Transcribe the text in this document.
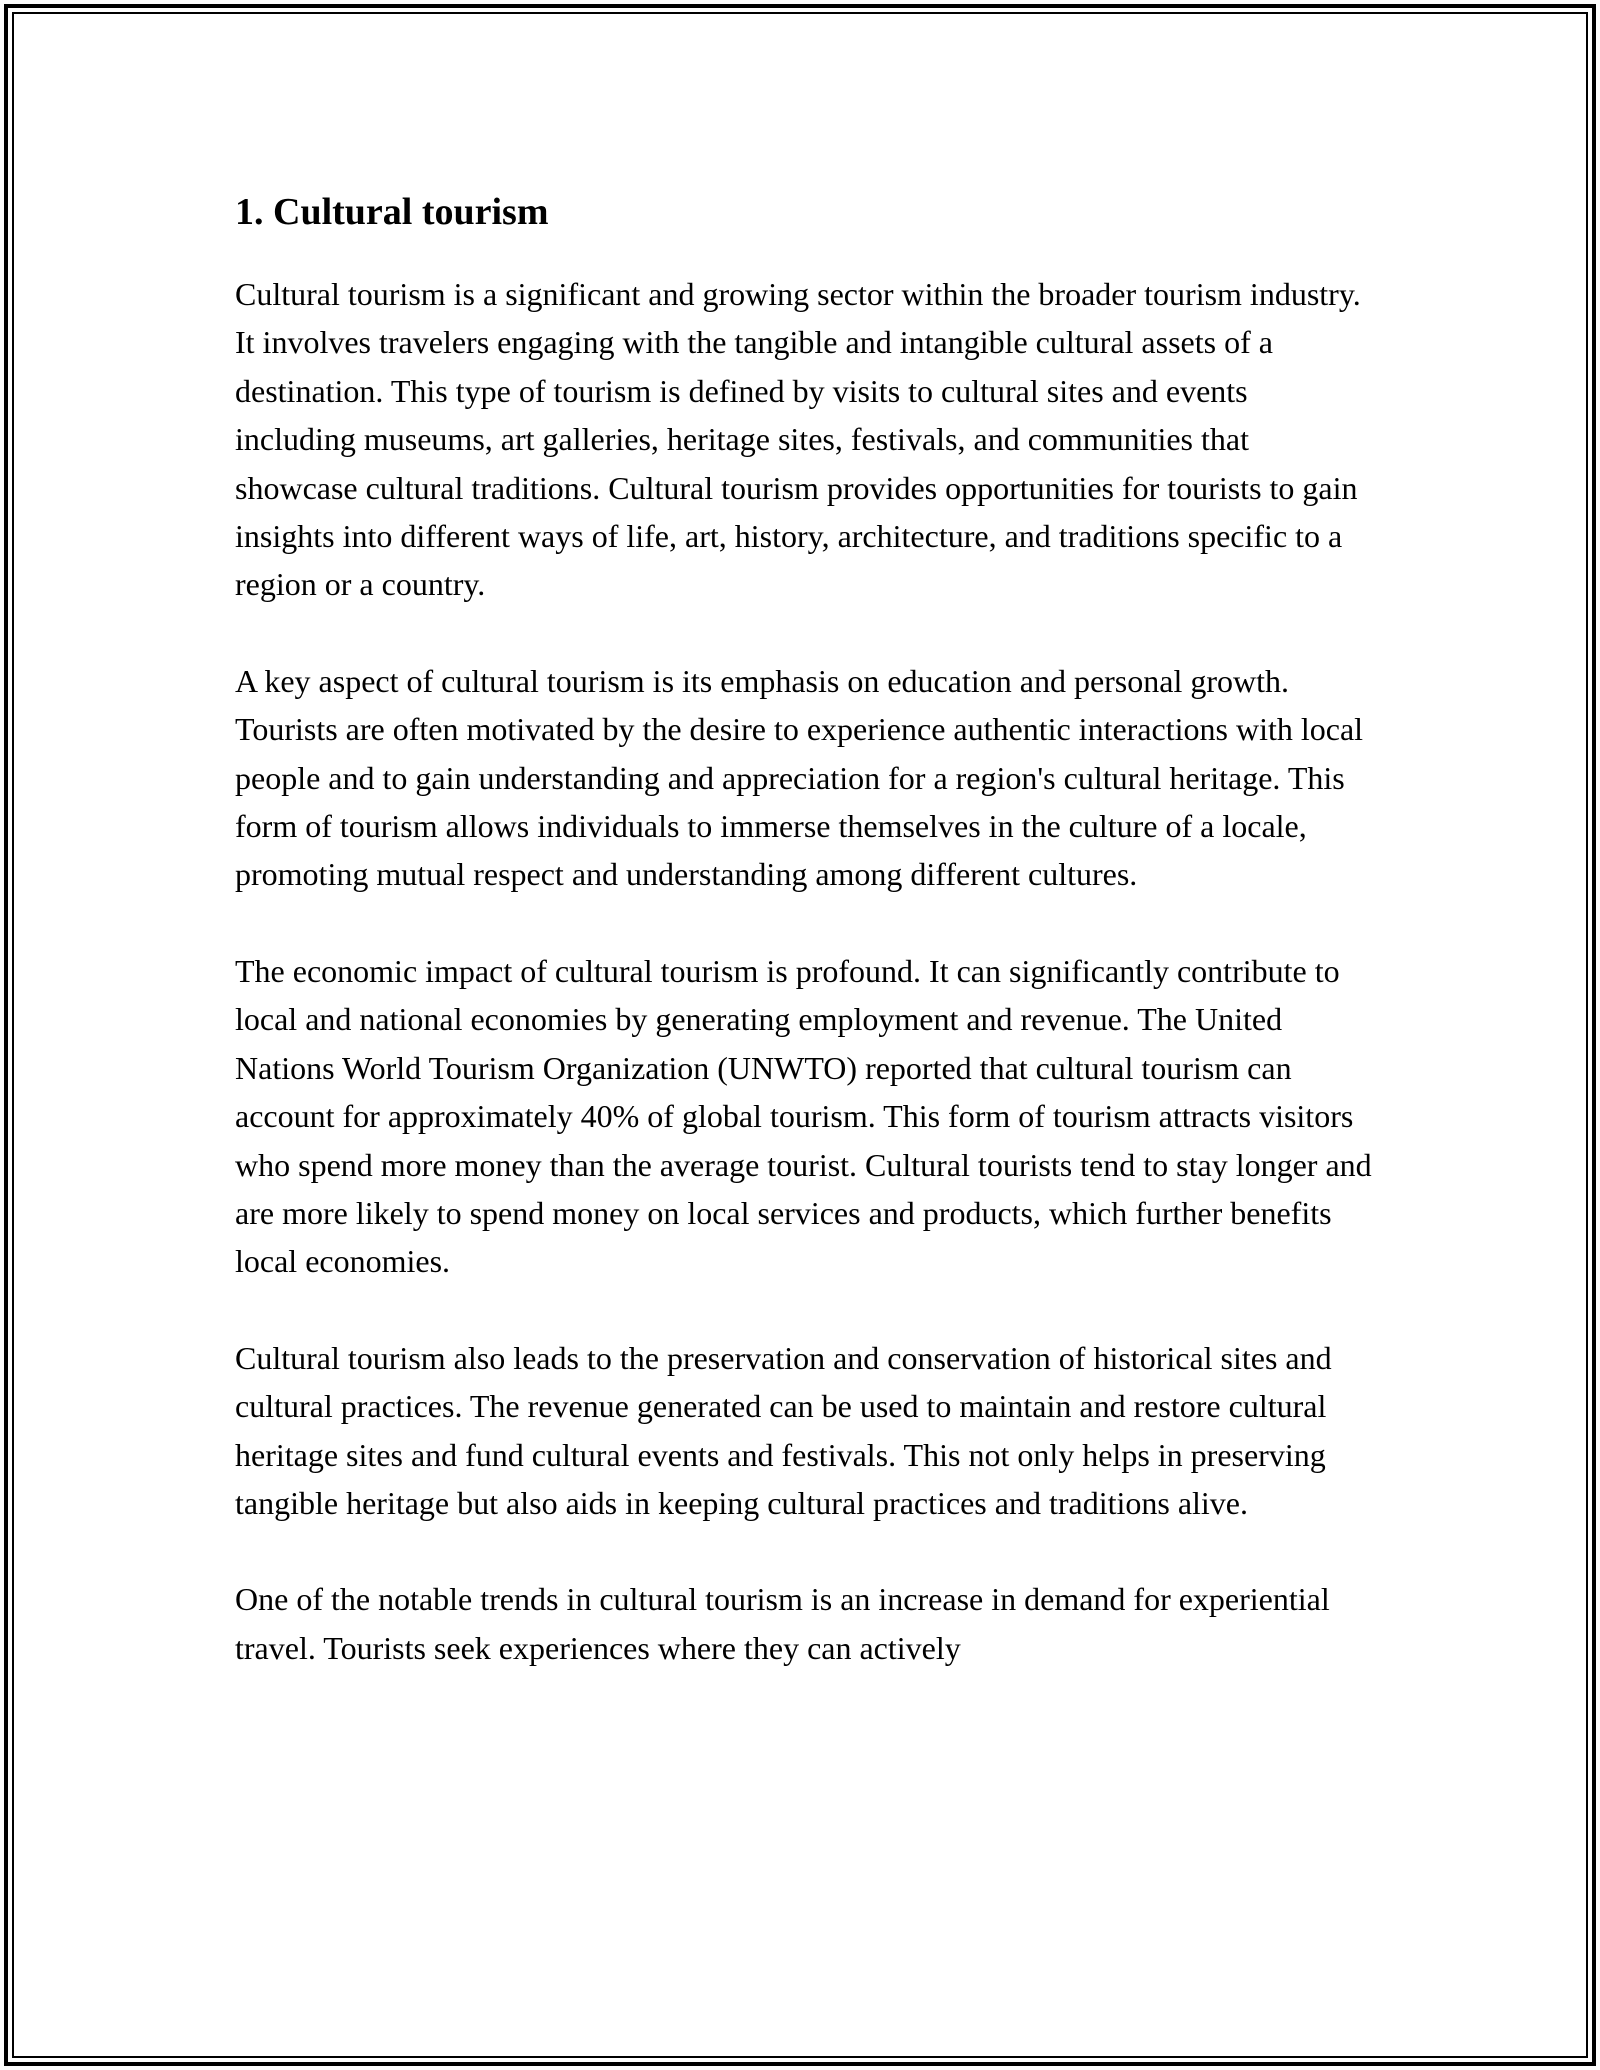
1. Cultural tourism

Cultural tourism is a significant and growing sector within the broader tourism industry. It involves travelers engaging with the tangible and intangible cultural assets of a destination. This type of tourism is defined by visits to cultural sites and events including museums, art galleries, heritage sites, festivals, and communities that showcase cultural traditions. Cultural tourism provides opportunities for tourists to gain insights into different ways of life, art, history, architecture, and traditions specific to a region or a country.

A key aspect of cultural tourism is its emphasis on education and personal growth. Tourists are often motivated by the desire to experience authentic interactions with local people and to gain understanding and appreciation for a region's cultural heritage. This form of tourism allows individuals to immerse themselves in the culture of a locale, promoting mutual respect and understanding among different cultures.

The economic impact of cultural tourism is profound. It can significantly contribute to local and national economies by generating employment and revenue. The United Nations World Tourism Organization (UNWTO) reported that cultural tourism can account for approximately 40% of global tourism. This form of tourism attracts visitors who spend more money than the average tourist. Cultural tourists tend to stay longer and are more likely to spend money on local services and products, which further benefits local economies.

Cultural tourism also leads to the preservation and conservation of historical sites and cultural practices. The revenue generated can be used to maintain and restore cultural heritage sites and fund cultural events and festivals. This not only helps in preserving tangible heritage but also aids in keeping cultural practices and traditions alive.

One of the notable trends in cultural tourism is an increase in demand for experiential travel. Tourists seek experiences where they can actively
